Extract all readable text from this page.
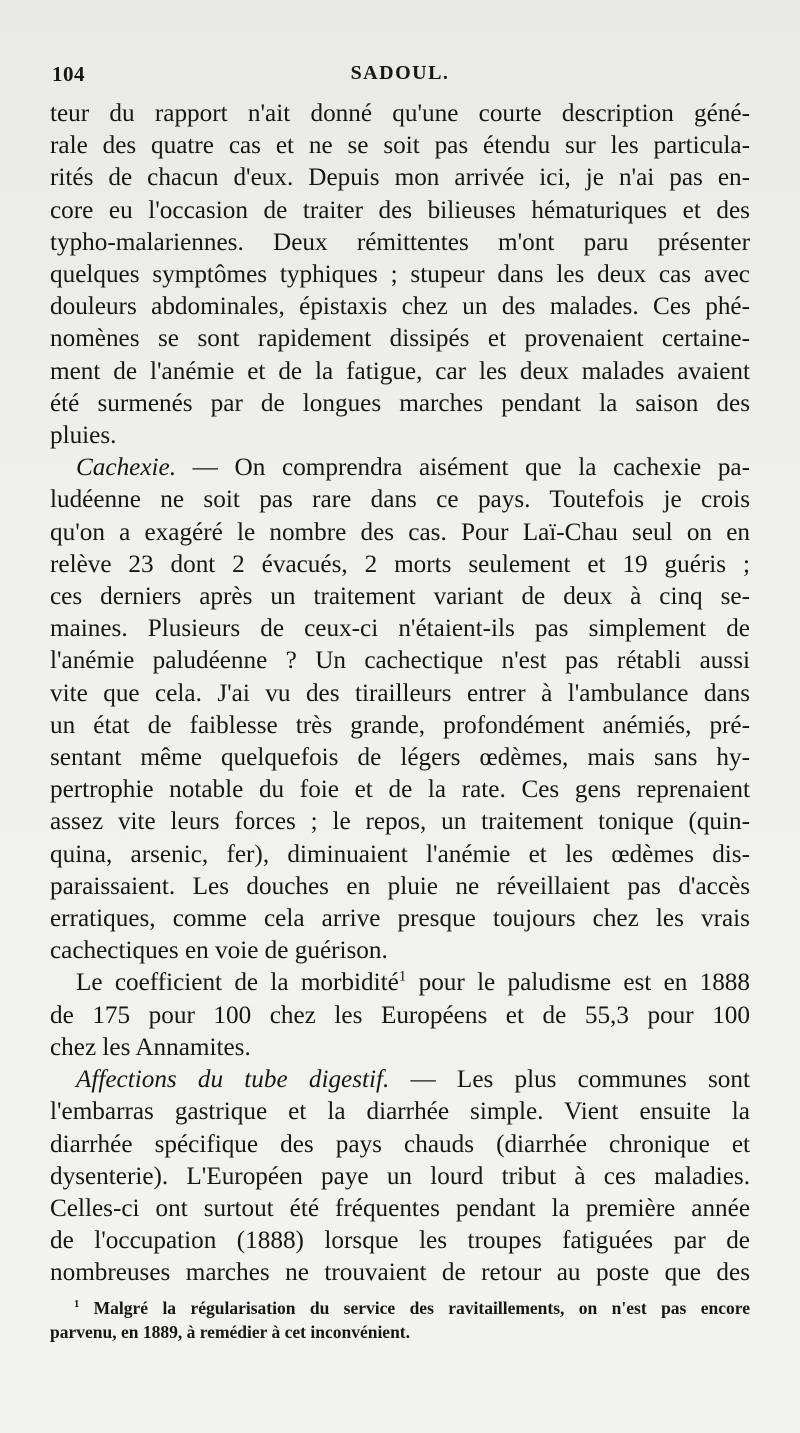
104	SADOUL.
teur du rapport n'ait donné qu'une courte description géné-
rale des quatre cas et ne se soit pas étendu sur les particula-
rités de chacun d'eux. Depuis mon arrivée ici, je n'ai pas en-
core eu l'occasion de traiter des bilieuses hématuriques et des
typho-malariennes. Deux rémittentes m'ont paru présenter
quelques symptômes typhiques ; stupeur dans les deux cas avec
douleurs abdominales, épistaxis chez un des malades. Ces phé-
nomènes se sont rapidement dissipés et provenaient certaine-
ment de l'anémie et de la fatigue, car les deux malades avaient
été surmenés par de longues marches pendant la saison des
pluies.
Cachexie. — On comprendra aisément que la cachexie pa-
ludéenne ne soit pas rare dans ce pays. Toutefois je crois
qu'on a exagéré le nombre des cas. Pour Laï-Chau seul on en
relève 23 dont 2 évacués, 2 morts seulement et 19 guéris ;
ces derniers après un traitement variant de deux à cinq se-
maines. Plusieurs de ceux-ci n'étaient-ils pas simplement de
l'anémie paludéenne ? Un cachectique n'est pas rétabli aussi
vite que cela. J'ai vu des tirailleurs entrer à l'ambulance dans
un état de faiblesse très grande, profondément anémiés, pré-
sentant même quelquefois de légers œdèmes, mais sans hy-
pertrophie notable du foie et de la rate. Ces gens reprenaient
assez vite leurs forces ; le repos, un traitement tonique (quin-
quina, arsenic, fer), diminuaient l'anémie et les œdèmes dis-
paraissaient. Les douches en pluie ne réveillaient pas d'accès
erratiques, comme cela arrive presque toujours chez les vrais
cachectiques en voie de guérison.
Le coefficient de la morbidité$^1$ pour le paludisme est en 1888
de 175 pour 100 chez les Européens et de 55,3 pour 100
chez les Annamites.
Affections du tube digestif. — Les plus communes sont
l'embarras gastrique et la diarrhée simple. Vient ensuite la
diarrhée spécifique des pays chauds (diarrhée chronique et
dysenterie). L'Européen paye un lourd tribut à ces maladies.
Celles-ci ont surtout été fréquentes pendant la première année
de l'occupation (1888) lorsque les troupes fatiguées par de
nombreuses marches ne trouvaient de retour au poste que des
$^1$ Malgré la régularisation du service des ravitaillements, on n'est pas encore
parvenu, en 1889, à remédier à cet inconvénient.
